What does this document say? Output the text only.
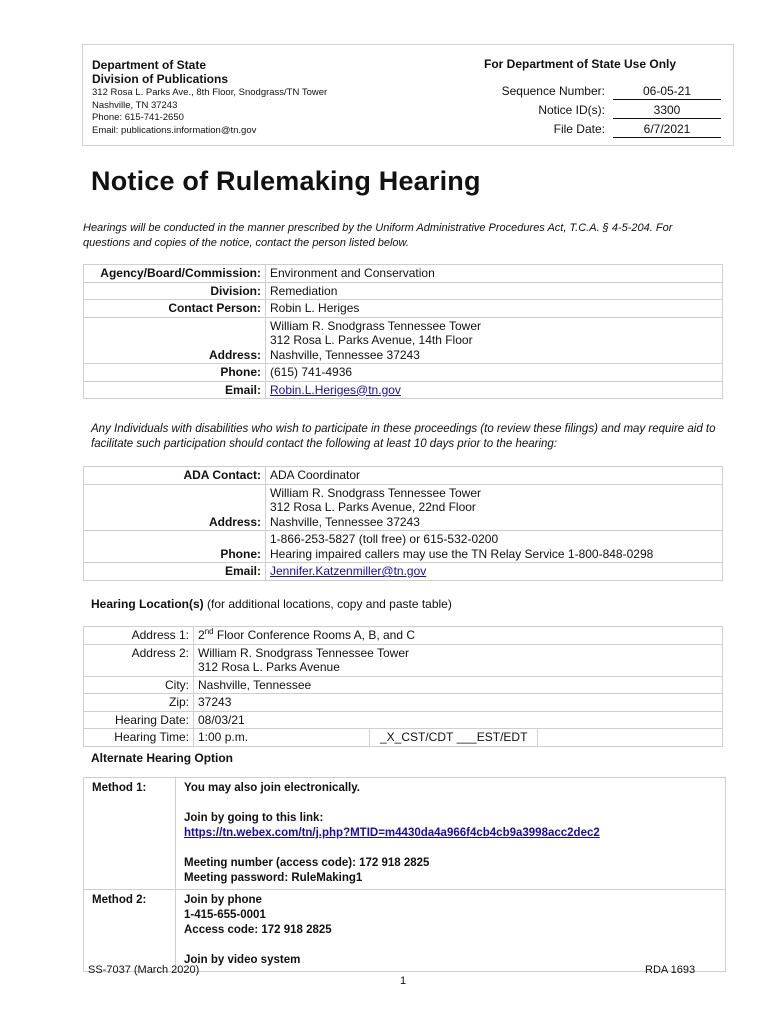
Department of State
Division of Publications
312 Rosa L. Parks Ave., 8th Floor, Snodgrass/TN Tower
Nashville, TN 37243
Phone: 615-741-2650
Email: publications.information@tn.gov
For Department of State Use Only
Sequence Number:	06-05-21
Notice ID(s):	3300
File Date:	6/7/2021
Notice of Rulemaking Hearing
Hearings will be conducted in the manner prescribed by the Uniform Administrative Procedures Act, T.C.A. § 4-5-204. For questions and copies of the notice, contact the person listed below.
Agency/Board/Commission:	Environment and Conservation
Division:	Remediation
Contact Person:	Robin L. Heriges
Address:	William R. Snodgrass Tennessee Tower
312 Rosa L. Parks Avenue, 14th Floor
Nashville, Tennessee 37243

Phone:	(615) 741-4936
Email:	Robin.L.Heriges@tn.gov
Any Individuals with disabilities who wish to participate in these proceedings (to review these filings) and may require aid to facilitate such participation should contact the following at least 10 days prior to the hearing:
ADA Contact:	ADA Coordinator
Address:	William R. Snodgrass Tennessee Tower
312 Rosa L. Parks Avenue, 22nd Floor
Nashville, Tennessee 37243

Phone:	1-866-253-5827 (toll free) or 615-532-0200
Hearing impaired callers may use the TN Relay Service 1-800-848-0298

Email:	Jennifer.Katzenmiller@tn.gov
Hearing Location(s) (for additional locations, copy and paste table)
Address 1:	2nd Floor Conference Rooms A, B, and C		
Address 2:	William R. Snodgrass Tennessee Tower
312 Rosa L. Parks Avenue		

City:	Nashville, Tennessee		
Zip:	37243		
Hearing Date:	08/03/21		
Hearing Time:	1:00 p.m.	_X_CST/CDT ___EST/EDT	
Alternate Hearing Option
Method 1:	You may also join electronically.
Join by going to this link:
https://tn.webex.com/tn/j.php?MTID=m4430da4a966f4cb4cb9a3998acc2dec2
Meeting number (access code): 172 918 2825
Meeting password: RuleMaking1

Method 2:	Join by phone
1-415-655-0001
Access code: 172 918 2825
Join by video system
SS-7037 (March 2020)	RDA 1693
1
